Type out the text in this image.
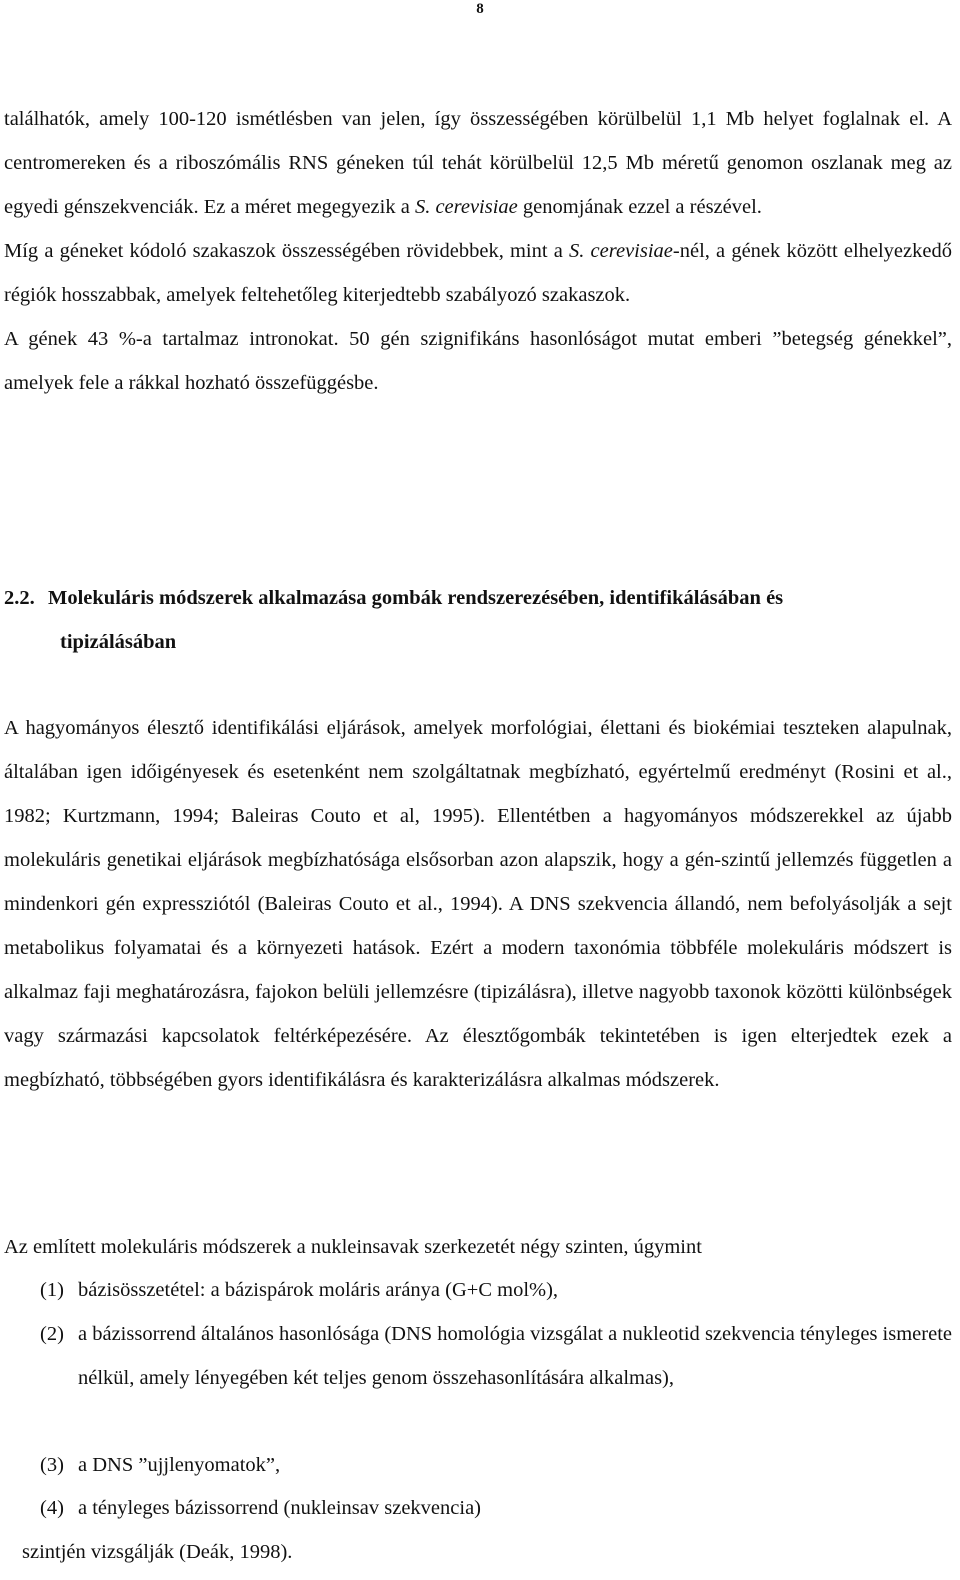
8

találhatók, amely 100-120 ismétlésben van jelen, így összességében körülbelül 1,1 Mb helyet foglalnak el. A centromereken és a riboszómális RNS géneken túl tehát körülbelül 12,5 Mb méretű genomon oszlanak meg az egyedi génszekvenciák. Ez a méret megegyezik a S. cerevisiae genomjának ezzel a részével.

Míg a géneket kódoló szakaszok összességében rövidebbek, mint a S. cerevisiae-nél, a gének között elhelyezkedő régiók hosszabbak, amelyek feltehetőleg kiterjedtebb szabályozó szakaszok.

A gének 43 %-a tartalmaz intronokat. 50 gén szignifikáns hasonlóságot mutat emberi ”betegség génekkel”, amelyek fele a rákkal hozható összefüggésbe.

2.2. Molekuláris módszerek alkalmazása gombák rendszerezésében, identifikálásában és
tipizálásában

A hagyományos élesztő identifikálási eljárások, amelyek morfológiai, élettani és biokémiai teszteken alapulnak, általában igen időigényesek és esetenként nem szolgáltatnak megbízható, egyértelmű eredményt (Rosini et al., 1982; Kurtzmann, 1994; Baleiras Couto et al, 1995). Ellentétben a hagyományos módszerekkel az újabb molekuláris genetikai eljárások megbízhatósága elsősorban azon alapszik, hogy a gén-szintű jellemzés független a mindenkori gén expressziótól (Baleiras Couto et al., 1994). A DNS szekvencia állandó, nem befolyásolják a sejt metabolikus folyamatai és a környezeti hatások. Ezért a modern taxonómia többféle molekuláris módszert is alkalmaz faji meghatározásra, fajokon belüli jellemzésre (tipizálásra), illetve nagyobb taxonok közötti különbségek vagy származási kapcsolatok feltérképezésére. Az élesztőgombák tekintetében is igen elterjedtek ezek a megbízható, többségében gyors identifikálásra és karakterizálásra alkalmas módszerek.

Az említett molekuláris módszerek a nukleinsavak szerkezetét négy szinten, úgymint
(1) bázisösszetétel: a bázispárok moláris aránya (G+C mol%),
(2) a bázissorrend általános hasonlósága (DNS homológia vizsgálat a nukleotid szekvencia tényleges ismerete nélkül, amely lényegében két teljes genom összehasonlítására alkalmas),
(3) a DNS ”ujjlenyomatok”,
(4) a tényleges bázissorrend (nukleinsav szekvencia)
szintjén vizsgálják (Deák, 1998).
